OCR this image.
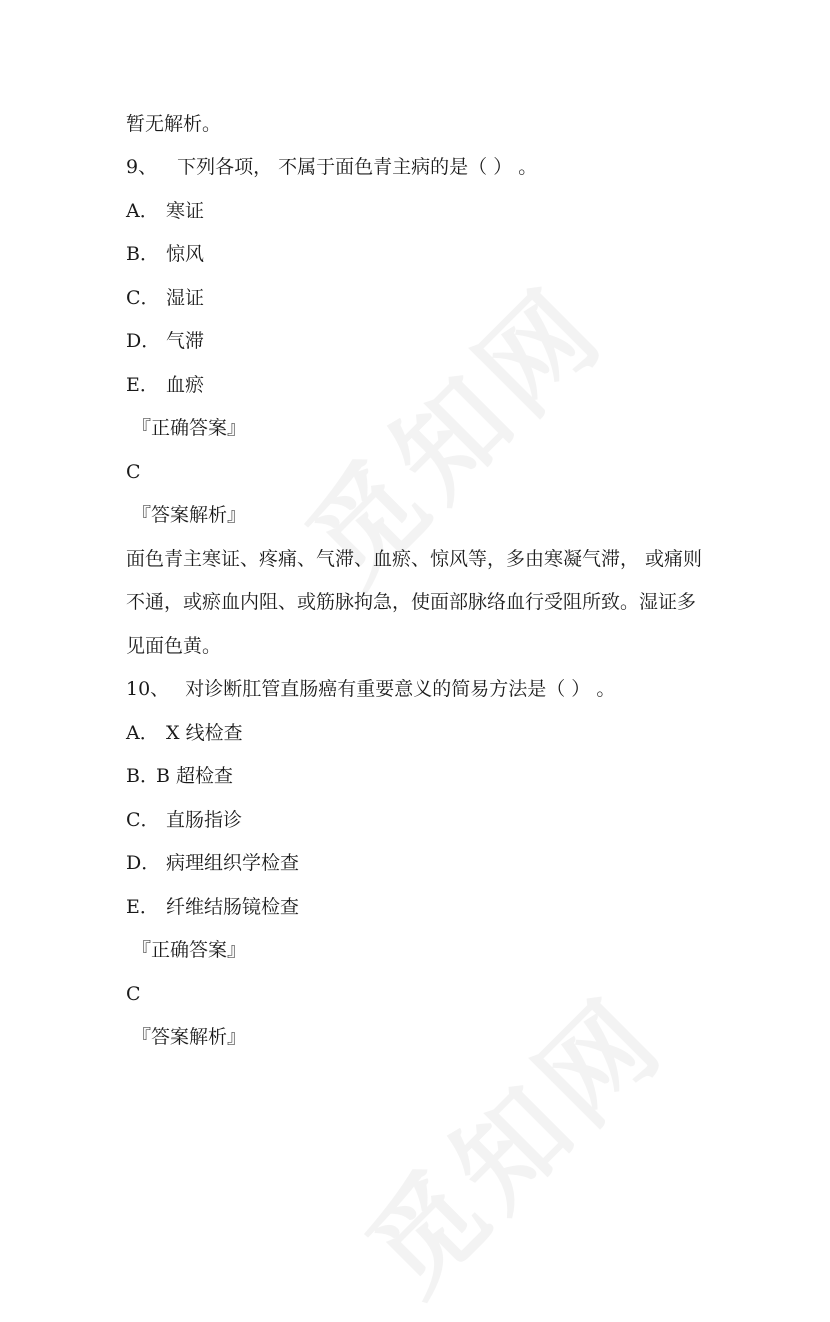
暂无解析。
9、 下列各项， 不属于面色青主病的是（ ） 。
A． 寒证
B． 惊风
C． 湿证
D． 气滞
E． 血瘀
『正确答案』
C
『答案解析』
面色青主寒证、疼痛、气滞、血瘀、惊风等，多由寒凝气滞， 或痛则
不通，或瘀血内阻、或筋脉拘急，使面部脉络血行受阻所致。湿证多
见面色黄。
10、 对诊断肛管直肠癌有重要意义的简易方法是（ ） 。
A． X 线检查
B．B 超检查
C． 直肠指诊
D． 病理组织学检查
E． 纤维结肠镜检查
『正确答案』
C
『答案解析』
